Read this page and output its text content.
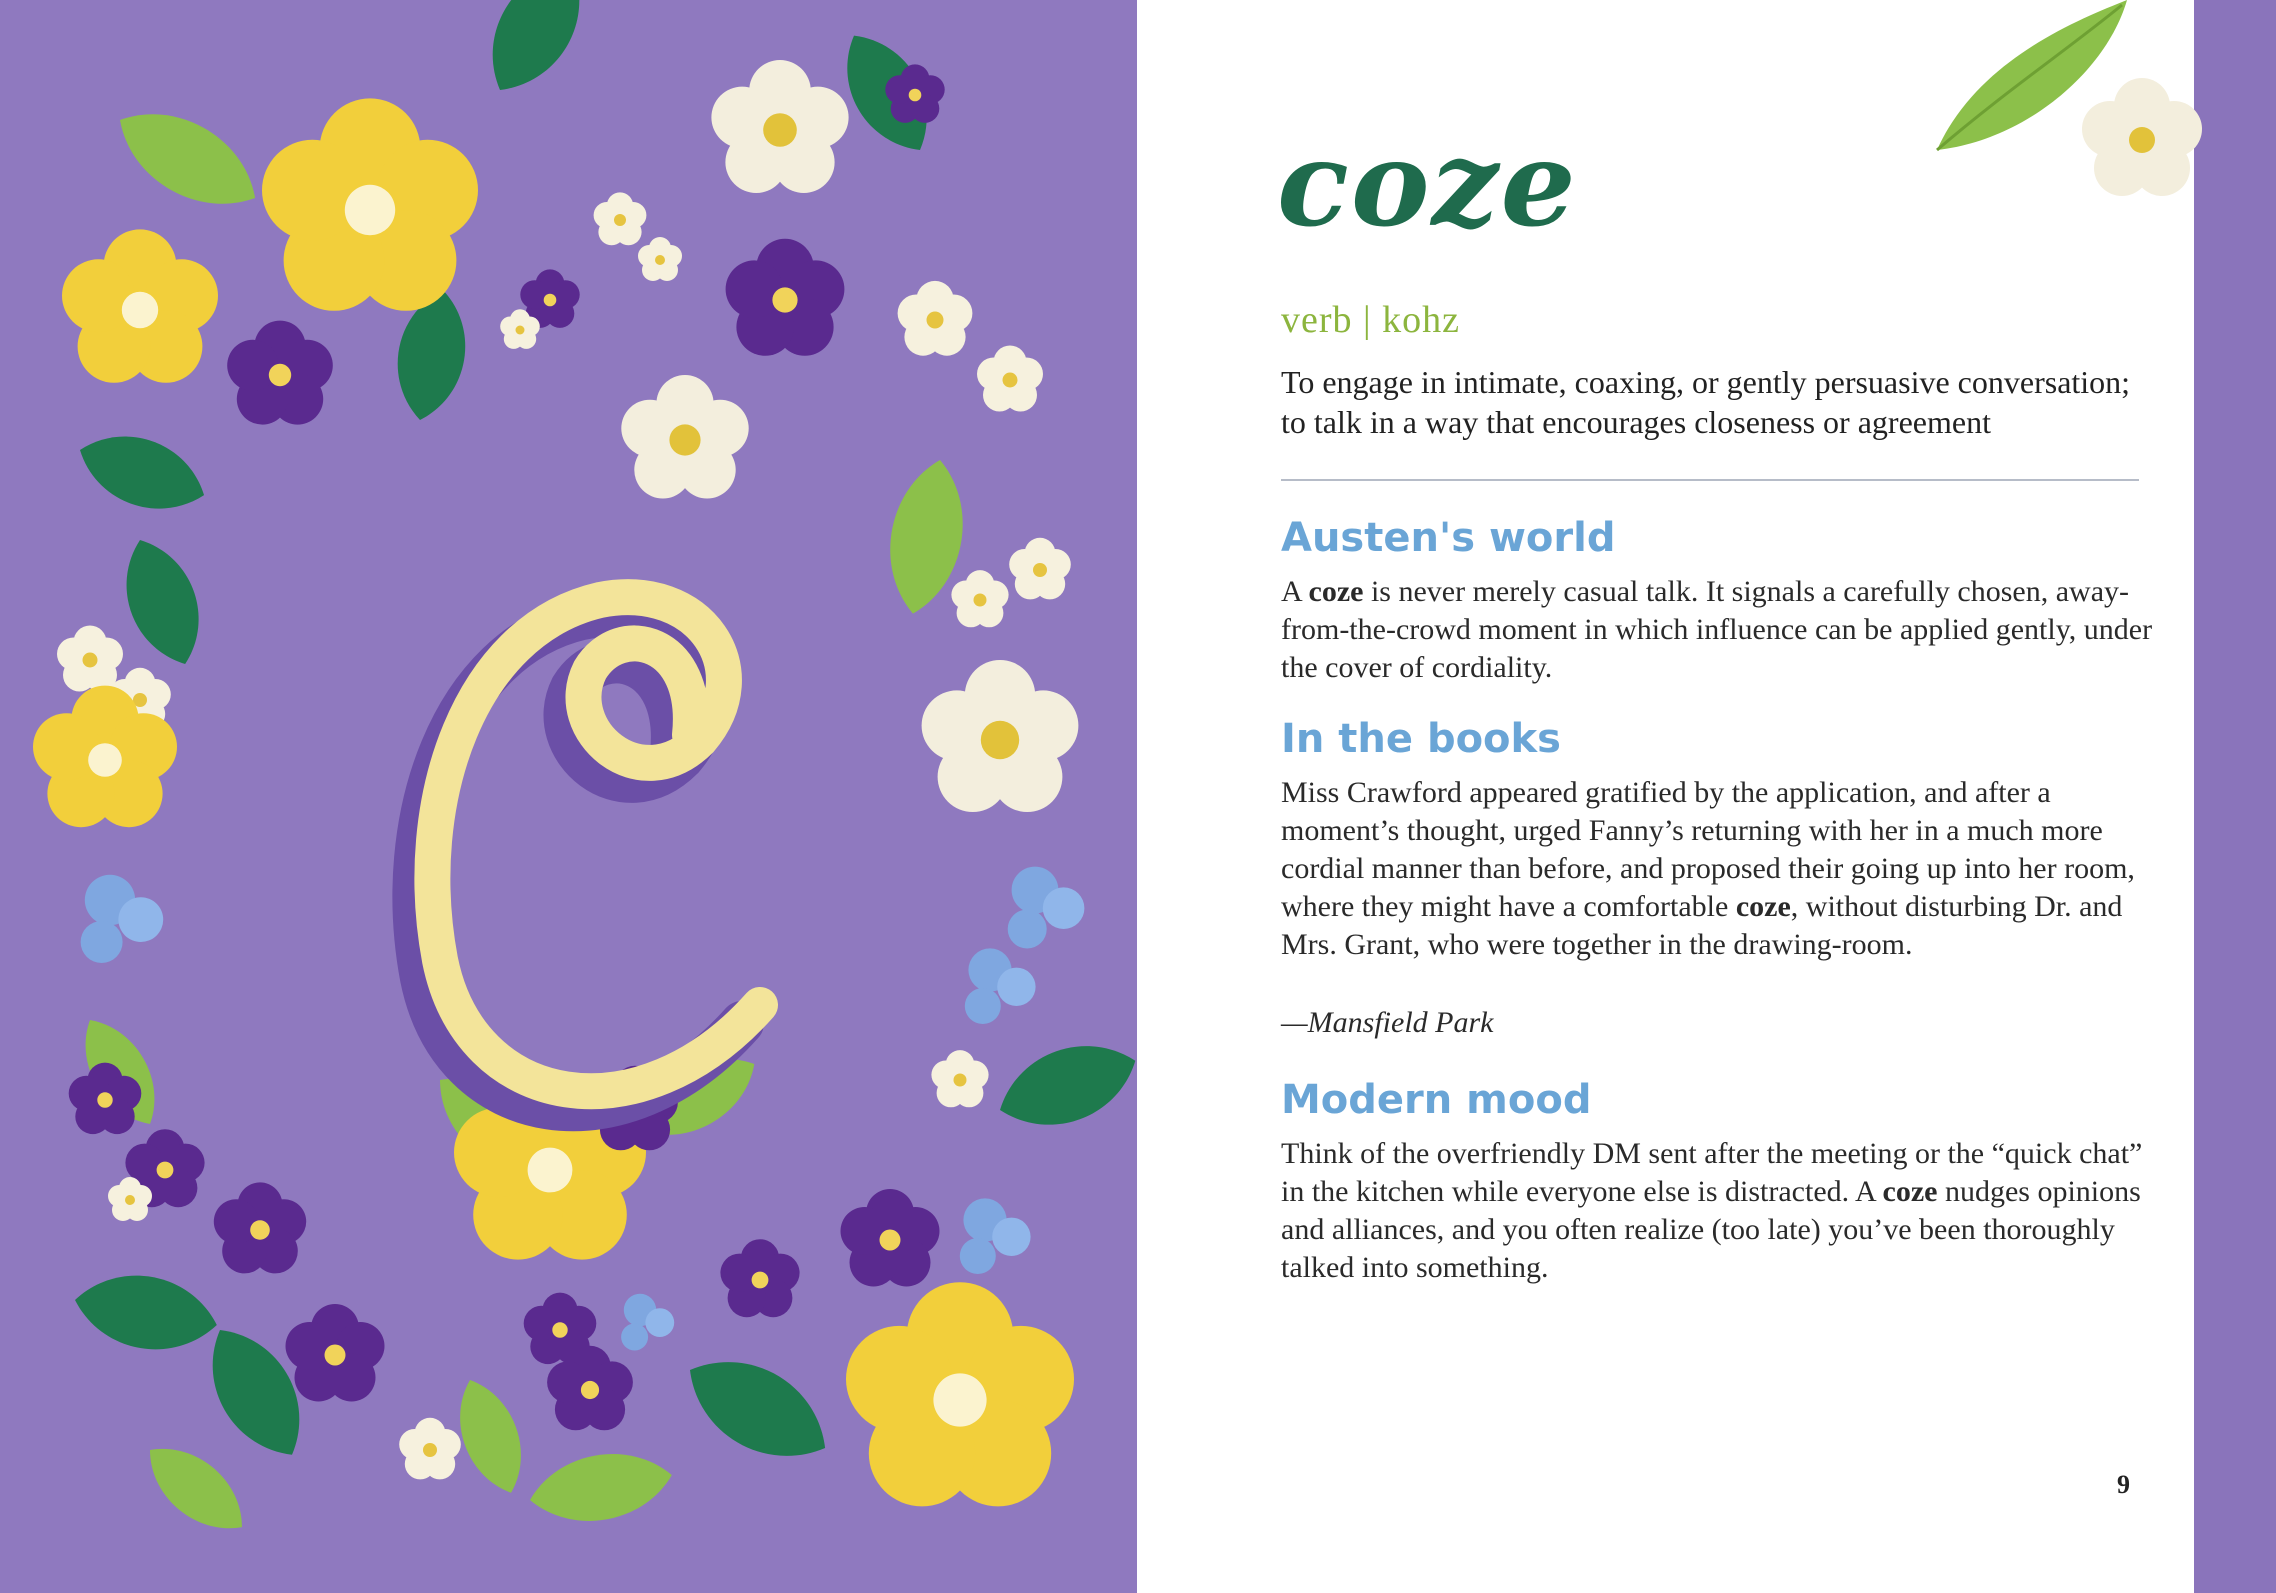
coze
verb | kohz
To engage in intimate, coaxing, or gently persuasive conversation; to talk in a way that encourages closeness or agreement
Austen's world

A coze is never merely casual talk. It signals a carefully chosen, away-from-the-crowd moment in which influence can be applied gently, under the cover of cordiality.

In the books

Miss Crawford appeared gratified by the application, and after a moment’s thought, urged Fanny’s returning with her in a much more cordial manner than before, and proposed their going up into her room, where they might have a comfortable coze, without disturbing Dr. and Mrs. Grant, who were together in the drawing-room.

—Mansfield Park
Modern mood

Think of the overfriendly DM sent after the meeting or the “quick chat” in the kitchen while everyone else is distracted. A coze nudges opinions and alliances, and you often realize (too late) you’ve been thoroughly talked into something.

9
